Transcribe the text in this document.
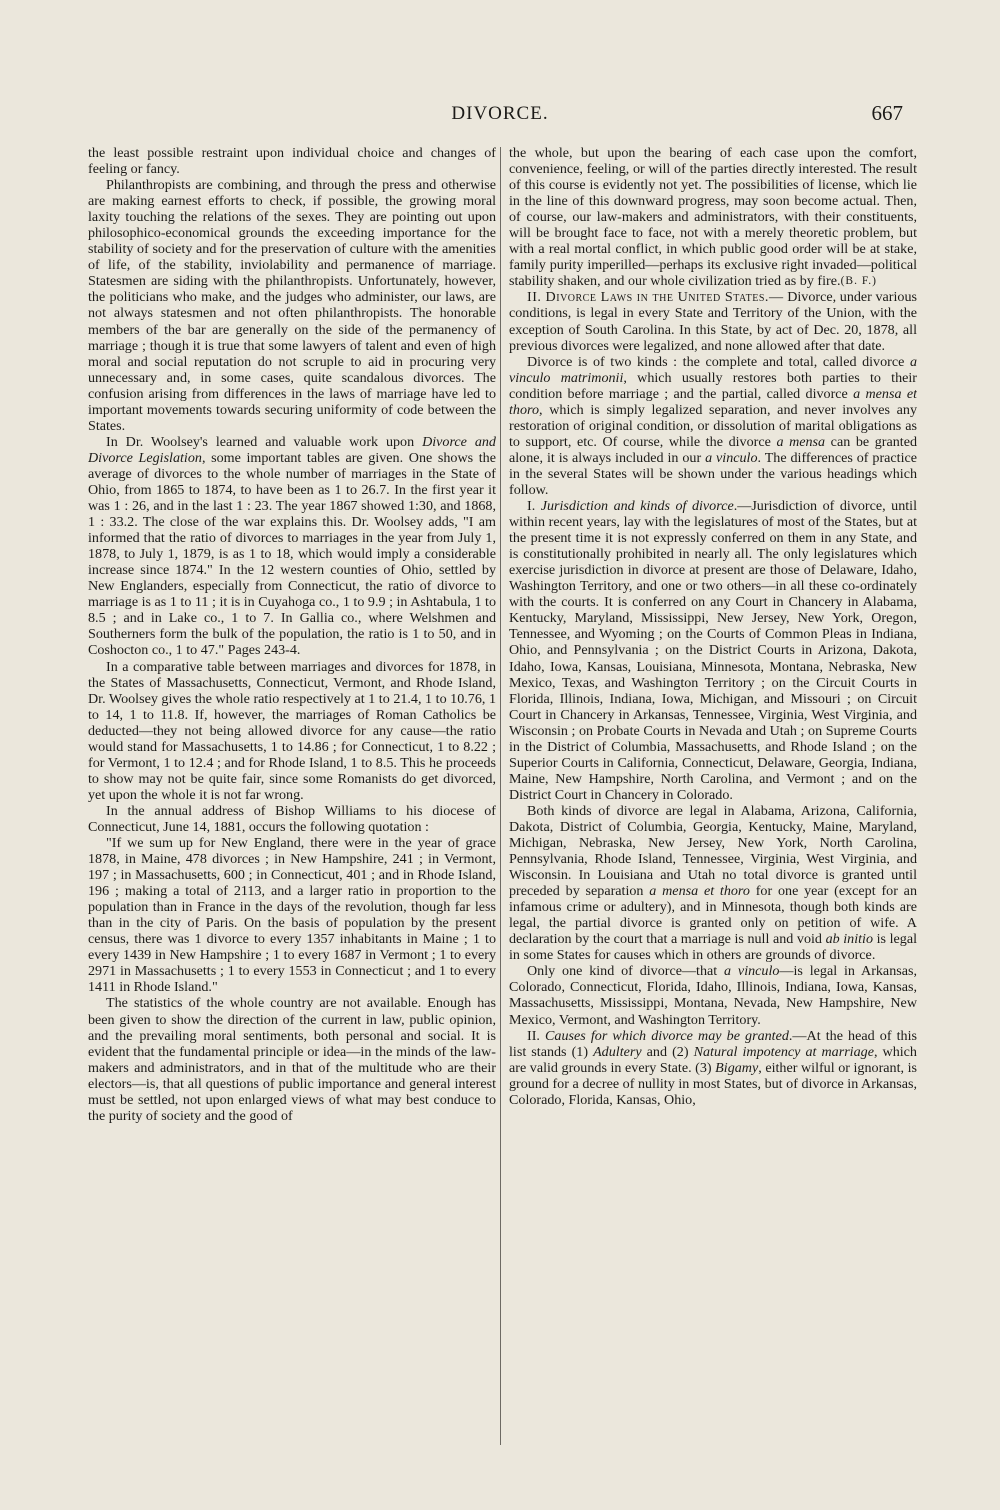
DIVORCE.	667

the least possible restraint upon individual choice and changes of feeling or fancy.

Philanthropists are combining, and through the press and otherwise are making earnest efforts to check, if possible, the growing moral laxity touching the relations of the sexes. They are pointing out upon philosophico-economical grounds the exceeding importance for the stability of society and for the preservation of culture with the amenities of life, of the stability, inviolability and permanence of marriage. Statesmen are siding with the philanthropists. Unfortunately, however, the politicians who make, and the judges who administer, our laws, are not always statesmen and not often philanthropists. The honorable members of the bar are generally on the side of the permanency of marriage ; though it is true that some lawyers of talent and even of high moral and social reputation do not scruple to aid in procuring very unnecessary and, in some cases, quite scandalous divorces. The confusion arising from differences in the laws of marriage have led to important movements towards securing uniformity of code between the States.

In Dr. Woolsey's learned and valuable work upon Divorce and Divorce Legislation, some important tables are given. One shows the average of divorces to the whole number of marriages in the State of Ohio, from 1865 to 1874, to have been as 1 to 26.7. In the first year it was 1 : 26, and in the last 1 : 23. The year 1867 showed 1:30, and 1868, 1 : 33.2. The close of the war explains this. Dr. Woolsey adds, "I am informed that the ratio of divorces to marriages in the year from July 1, 1878, to July 1, 1879, is as 1 to 18, which would imply a considerable increase since 1874." In the 12 western counties of Ohio, settled by New Englanders, especially from Connecticut, the ratio of divorce to marriage is as 1 to 11 ; it is in Cuyahoga co., 1 to 9.9 ; in Ashtabula, 1 to 8.5 ; and in Lake co., 1 to 7. In Gallia co., where Welshmen and Southerners form the bulk of the population, the ratio is 1 to 50, and in Coshocton co., 1 to 47." Pages 243-4.

In a comparative table between marriages and divorces for 1878, in the States of Massachusetts, Connecticut, Vermont, and Rhode Island, Dr. Woolsey gives the whole ratio respectively at 1 to 21.4, 1 to 10.76, 1 to 14, 1 to 11.8. If, however, the marriages of Roman Catholics be deducted—they not being allowed divorce for any cause—the ratio would stand for Massachusetts, 1 to 14.86 ; for Connecticut, 1 to 8.22 ; for Vermont, 1 to 12.4 ; and for Rhode Island, 1 to 8.5. This he proceeds to show may not be quite fair, since some Romanists do get divorced, yet upon the whole it is not far wrong.

In the annual address of Bishop Williams to his diocese of Connecticut, June 14, 1881, occurs the following quotation :

"If we sum up for New England, there were in the year of grace 1878, in Maine, 478 divorces ; in New Hampshire, 241 ; in Vermont, 197 ; in Massachusetts, 600 ; in Connecticut, 401 ; and in Rhode Island, 196 ; making a total of 2113, and a larger ratio in proportion to the population than in France in the days of the revolution, though far less than in the city of Paris. On the basis of population by the present census, there was 1 divorce to every 1357 inhabitants in Maine ; 1 to every 1439 in New Hampshire ; 1 to every 1687 in Vermont ; 1 to every 2971 in Massachusetts ; 1 to every 1553 in Connecticut ; and 1 to every 1411 in Rhode Island."

The statistics of the whole country are not available. Enough has been given to show the direction of the current in law, public opinion, and the prevailing moral sentiments, both personal and social. It is evident that the fundamental principle or idea—in the minds of the law-makers and administrators, and in that of the multitude who are their electors—is, that all questions of public importance and general interest must be settled, not upon enlarged views of what may best conduce to the purity of society and the good of

the whole, but upon the bearing of each case upon the comfort, convenience, feeling, or will of the parties directly interested. The result of this course is evidently not yet. The possibilities of license, which lie in the line of this downward progress, may soon become actual. Then, of course, our law-makers and administrators, with their constituents, will be brought face to face, not with a merely theoretic problem, but with a real mortal conflict, in which public good order will be at stake, family purity imperilled—perhaps its exclusive right invaded—political stability shaken, and our whole civilization tried as by fire. (B. F.)

II. Divorce Laws in the United States.— Divorce, under various conditions, is legal in every State and Territory of the Union, with the exception of South Carolina. In this State, by act of Dec. 20, 1878, all previous divorces were legalized, and none allowed after that date.

Divorce is of two kinds : the complete and total, called divorce a vinculo matrimonii, which usually restores both parties to their condition before marriage ; and the partial, called divorce a mensa et thoro, which is simply legalized separation, and never involves any restoration of original condition, or dissolution of marital obligations as to support, etc. Of course, while the divorce a mensa can be granted alone, it is always included in our a vinculo. The differences of practice in the several States will be shown under the various headings which follow.

I. Jurisdiction and kinds of divorce.—Jurisdiction of divorce, until within recent years, lay with the legislatures of most of the States, but at the present time it is not expressly conferred on them in any State, and is constitutionally prohibited in nearly all. The only legislatures which exercise jurisdiction in divorce at present are those of Delaware, Idaho, Washington Territory, and one or two others—in all these co-ordinately with the courts. It is conferred on any Court in Chancery in Alabama, Kentucky, Maryland, Mississippi, New Jersey, New York, Oregon, Tennessee, and Wyoming ; on the Courts of Common Pleas in Indiana, Ohio, and Pennsylvania ; on the District Courts in Arizona, Dakota, Idaho, Iowa, Kansas, Louisiana, Minnesota, Montana, Nebraska, New Mexico, Texas, and Washington Territory ; on the Circuit Courts in Florida, Illinois, Indiana, Iowa, Michigan, and Missouri ; on Circuit Court in Chancery in Arkansas, Tennessee, Virginia, West Virginia, and Wisconsin ; on Probate Courts in Nevada and Utah ; on Supreme Courts in the District of Columbia, Massachusetts, and Rhode Island ; on the Superior Courts in California, Connecticut, Delaware, Georgia, Indiana, Maine, New Hampshire, North Carolina, and Vermont ; and on the District Court in Chancery in Colorado.

Both kinds of divorce are legal in Alabama, Arizona, California, Dakota, District of Columbia, Georgia, Kentucky, Maine, Maryland, Michigan, Nebraska, New Jersey, New York, North Carolina, Pennsylvania, Rhode Island, Tennessee, Virginia, West Virginia, and Wisconsin. In Louisiana and Utah no total divorce is granted until preceded by separation a mensa et thoro for one year (except for an infamous crime or adultery), and in Minnesota, though both kinds are legal, the partial divorce is granted only on petition of wife. A declaration by the court that a marriage is null and void ab initio is legal in some States for causes which in others are grounds of divorce.

Only one kind of divorce—that a vinculo—is legal in Arkansas, Colorado, Connecticut, Florida, Idaho, Illinois, Indiana, Iowa, Kansas, Massachusetts, Mississippi, Montana, Nevada, New Hampshire, New Mexico, Vermont, and Washington Territory.

II. Causes for which divorce may be granted.—At the head of this list stands (1) Adultery and (2) Natural impotency at marriage, which are valid grounds in every State. (3) Bigamy, either wilful or ignorant, is ground for a decree of nullity in most States, but of divorce in Arkansas, Colorado, Florida, Kansas, Ohio,
